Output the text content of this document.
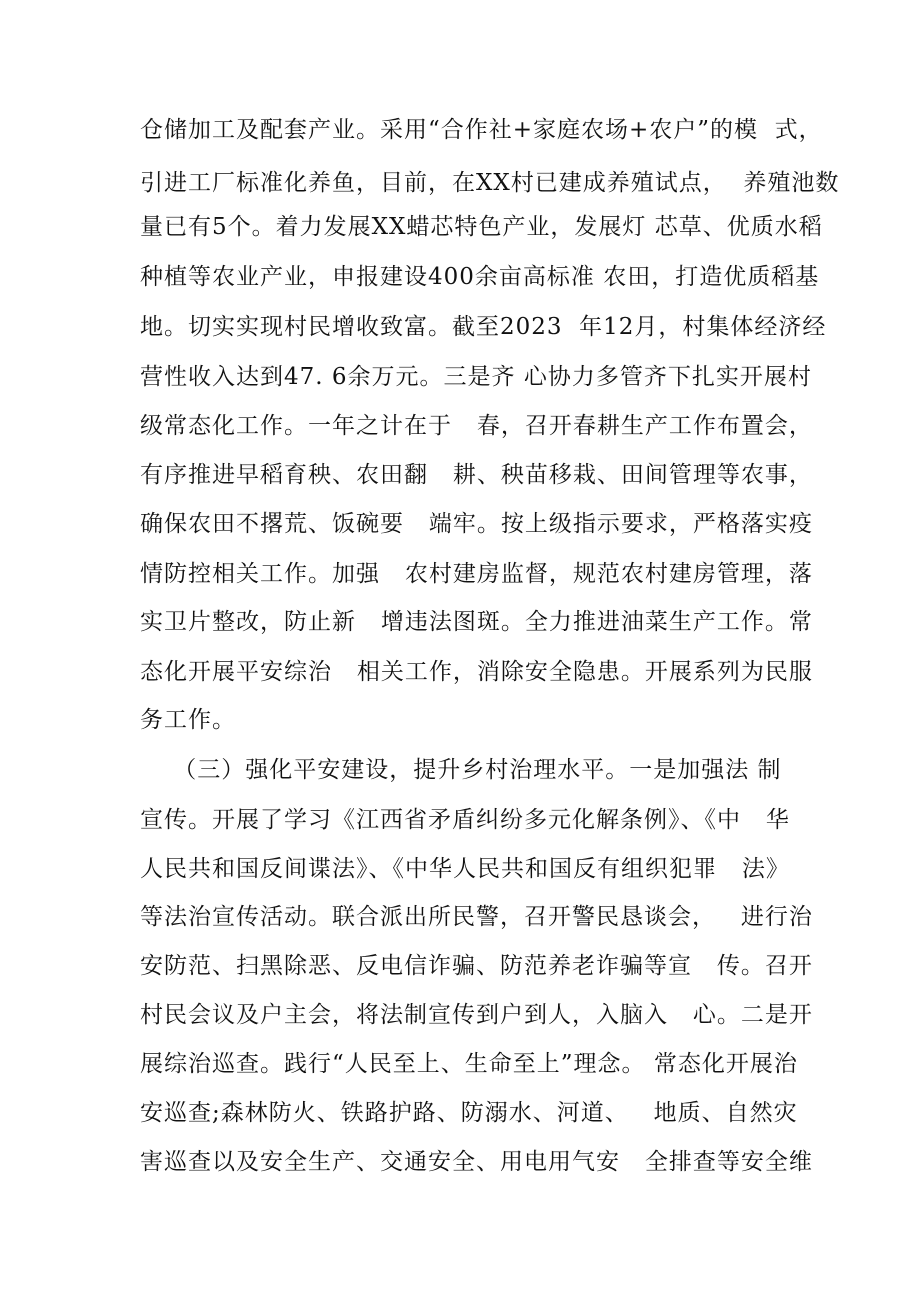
仓储加工及配套产业。采用“合作社+家庭农场+农户”的模  式，
引进工厂标准化养鱼，目前，在XX村已建成养殖试点，  养殖池数
量已有5个。着力发展XX蜡芯特色产业，发展灯 芯草、优质水稻
种植等农业产业，申报建设400余亩高标准 农田，打造优质稻基
地。切实实现村民增收致富。截至2023  年12月，村集体经济经
营性收入达到47. 6余万元。三是齐 心协力多管齐下扎实开展村
级常态化工作。一年之计在于   春，召开春耕生产工作布置会，
有序推进早稻育秧、农田翻   耕、秧苗移栽、田间管理等农事，
确保农田不撂荒、饭碗要   端牢。按上级指示要求，严格落实疫
情防控相关工作。加强   农村建房监督，规范农村建房管理，落
实卫片整改，防止新   增违法图斑。全力推进油菜生产工作。常
态化开展平安综治   相关工作，消除安全隐患。开展系列为民服
务工作。
（三）强化平安建设，提升乡村治理水平。一是加强法 制
宣传。开展了学习《江西省矛盾纠纷多元化解条例》、《中   华
人民共和国反间谍法》、《中华人民共和国反有组织犯罪   法》
等法治宣传活动。联合派出所民警，召开警民恳谈会，   进行治
安防范、扫黑除恶、反电信诈骗、防范养老诈骗等宣   传。召开
村民会议及户主会，将法制宣传到户到人，入脑入   心。二是开
展综治巡查。践行“人民至上、生命至上”理念。 常态化开展治
安巡查;森林防火、铁路护路、防溺水、河道、   地质、自然灾
害巡查以及安全生产、交通安全、用电用气安   全排查等安全维
